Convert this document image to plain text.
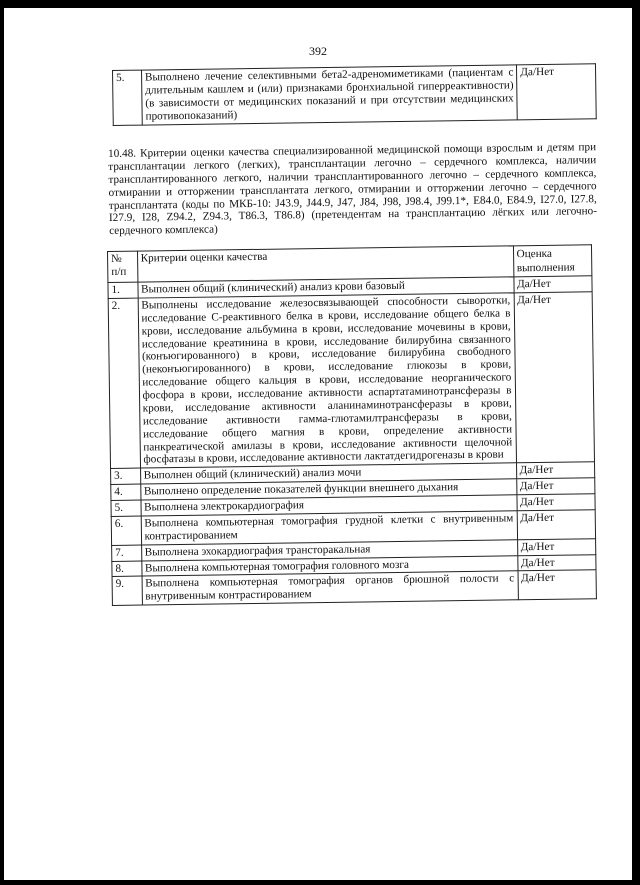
392
5.	Выполнено лечение селективными бета2-адреномиметиками (пациентам с длительным кашлем и (или) признаками бронхиальной гиперреактивности) (в зависимости от медицинских показаний и при отсутствии медицинских противопоказаний)	Да/Нет
10.48. Критерии оценки качества специализированной медицинской помощи взрослым и детям при трансплантации легкого (легких), трансплантации легочно – сердечного комплекса, наличии трансплантированного легкого, наличии трансплантированного легочно – сердечного комплекса, отмирании и отторжении трансплантата легкого, отмирании и отторжении легочно – сердечного трансплантата (коды по МКБ-10: J43.9, J44.9, J47, J84, J98, J98.4, J99.1*, E84.0, E84.9, I27.0, I27.8, I27.9, I28, Z94.2, Z94.3, T86.3, T86.8) (претендентам на трансплантацию лёгких или легочно-сердечного комплекса)
№ п/п	Критерии оценки качества	Оценка выполнения
1.	Выполнен общий (клинический) анализ крови базовый	Да/Нет
2.	Выполнены исследование железосвязывающей способности сыворотки, исследование С-реактивного белка в крови, исследование общего белка в крови, исследование альбумина в крови, исследование мочевины в крови, исследование креатинина в крови, исследование билирубина связанного (конъюгированного) в крови, исследование билирубина свободного (неконъюгированного) в крови, исследование глюкозы в крови, исследование общего кальция в крови, исследование неорганического фосфора в крови, исследование активности аспартатаминотрансферазы в крови, исследование активности аланинаминотрансферазы в крови, исследование активности гамма-глютамилтрансферазы в крови, исследование общего магния в крови, определение активности панкреатической амилазы в крови, исследование активности щелочной фосфатазы в крови, исследование активности лактатдегидрогеназы в крови	Да/Нет
3.	Выполнен общий (клинический) анализ мочи	Да/Нет
4.	Выполнено определение показателей функции внешнего дыхания	Да/Нет
5.	Выполнена электрокардиография	Да/Нет
6.	Выполнена компьютерная томография грудной клетки с внутривенным контрастированием	Да/Нет
7.	Выполнена эхокардиография трансторакальная	Да/Нет
8.	Выполнена компьютерная томография головного мозга	Да/Нет
9.	Выполнена компьютерная томография органов брюшной полости с внутривенным контрастированием	Да/Нет
